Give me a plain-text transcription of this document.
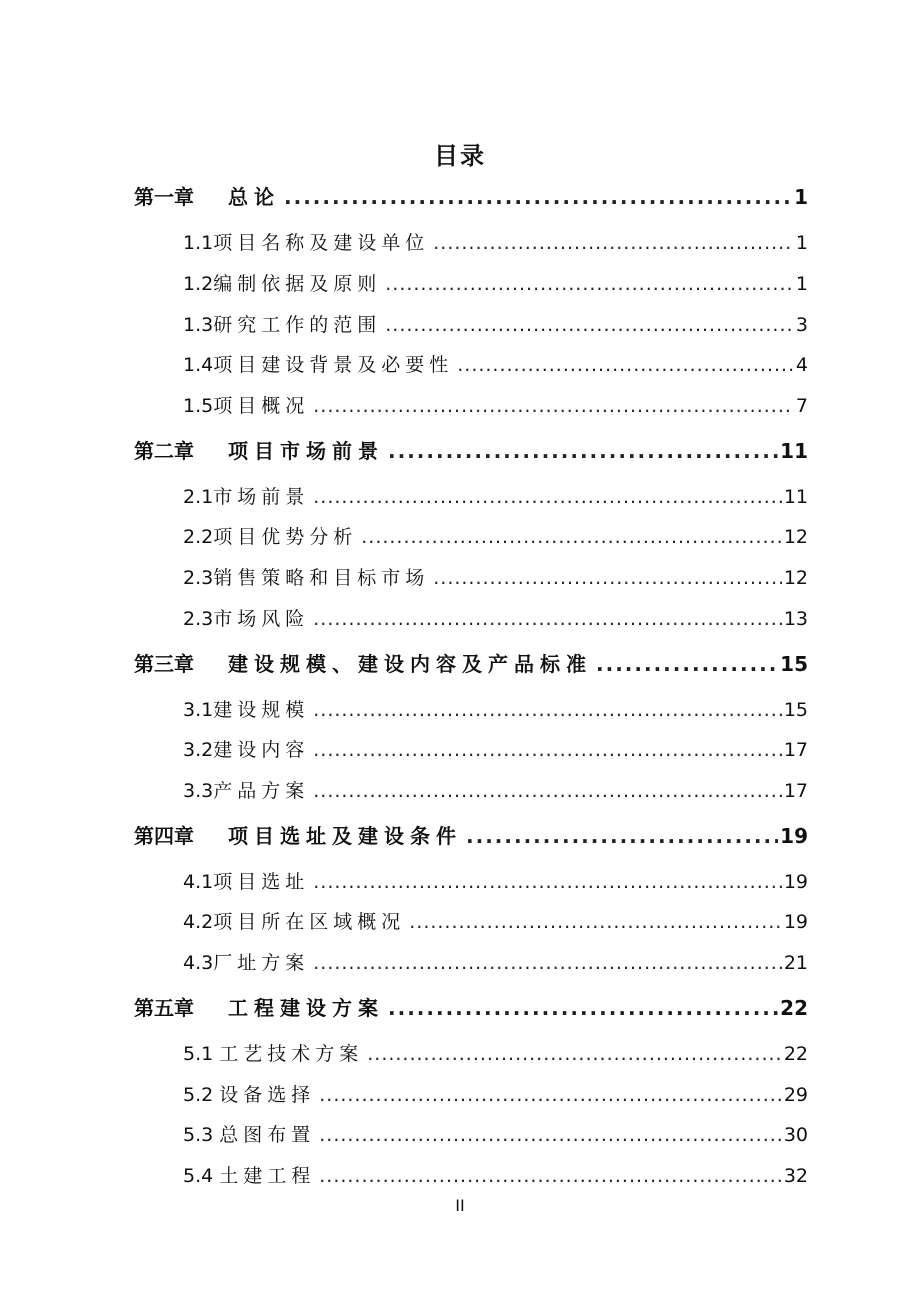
目录
第一章 总论 .....	1
1.1 项目名称及建设单位 .....	1
1.2 编制依据及原则 .....	1
1.3 研究工作的范围 .....	3
1.4 项目建设背景及必要性 .....	4
1.5 项目概况 .....	7
第二章 项目市场前景 .....	11
2.1 市场前景 .....	11
2.2 项目优势分析 .....	12
2.3 销售策略和目标市场 .....	12
2.3 市场风险 .....	13
第三章 建设规模、建设内容及产品标准 .....	15
3.1 建设规模 .....	15
3.2 建设内容 .....	17
3.3 产品方案 .....	17
第四章 项目选址及建设条件 .....	19
4.1 项目选址 .....	19
4.2 项目所在区域概况 .....	19
4.3 厂址方案 .....	21
第五章 工程建设方案 .....	22
5.1 工艺技术方案 .....	22
5.2 设备选择 .....	29
5.3 总图布置 .....	30
5.4 土建工程 .....	32
II
